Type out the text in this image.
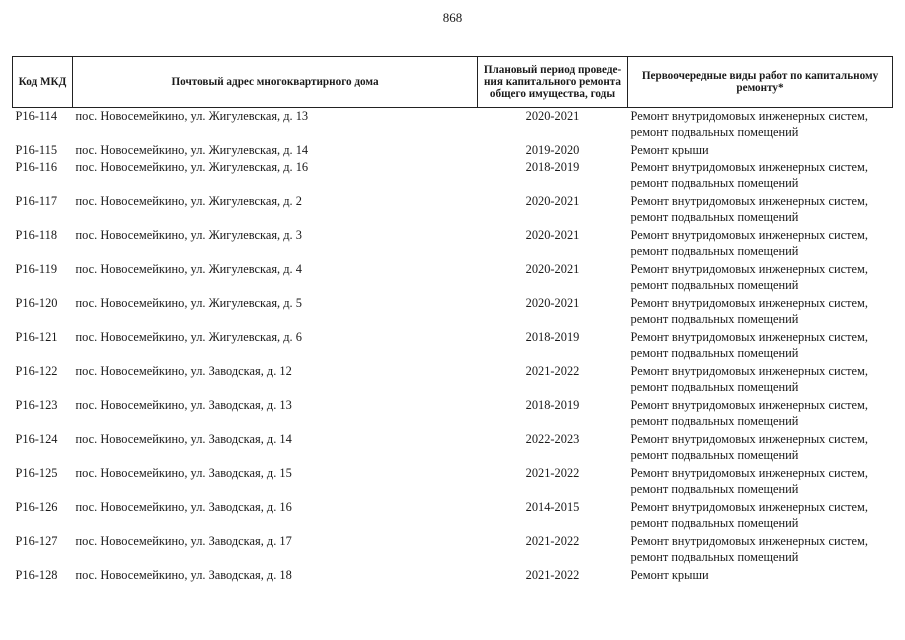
868
Код МКД	Почтовый адрес многоквартирного дома	Плановый период проведе-ния капитального ремонта общего имущества, годы	Первоочередные виды работ по капитальному ремонту*
Р16-114	пос. Новосемейкино, ул. Жигулевская, д. 13	2020-2021	Ремонт внутридомовых инженерных систем, ремонт подвальных помещений
Р16-115	пос. Новосемейкино, ул. Жигулевская, д. 14	2019-2020	Ремонт крыши
Р16-116	пос. Новосемейкино, ул. Жигулевская, д. 16	2018-2019	Ремонт внутридомовых инженерных систем, ремонт подвальных помещений
Р16-117	пос. Новосемейкино, ул. Жигулевская, д. 2	2020-2021	Ремонт внутридомовых инженерных систем, ремонт подвальных помещений
Р16-118	пос. Новосемейкино, ул. Жигулевская, д. 3	2020-2021	Ремонт внутридомовых инженерных систем, ремонт подвальных помещений
Р16-119	пос. Новосемейкино, ул. Жигулевская, д. 4	2020-2021	Ремонт внутридомовых инженерных систем, ремонт подвальных помещений
Р16-120	пос. Новосемейкино, ул. Жигулевская, д. 5	2020-2021	Ремонт внутридомовых инженерных систем, ремонт подвальных помещений
Р16-121	пос. Новосемейкино, ул. Жигулевская, д. 6	2018-2019	Ремонт внутридомовых инженерных систем, ремонт подвальных помещений
Р16-122	пос. Новосемейкино, ул. Заводская, д. 12	2021-2022	Ремонт внутридомовых инженерных систем, ремонт подвальных помещений
Р16-123	пос. Новосемейкино, ул. Заводская, д. 13	2018-2019	Ремонт внутридомовых инженерных систем, ремонт подвальных помещений
Р16-124	пос. Новосемейкино, ул. Заводская, д. 14	2022-2023	Ремонт внутридомовых инженерных систем, ремонт подвальных помещений
Р16-125	пос. Новосемейкино, ул. Заводская, д. 15	2021-2022	Ремонт внутридомовых инженерных систем, ремонт подвальных помещений
Р16-126	пос. Новосемейкино, ул. Заводская, д. 16	2014-2015	Ремонт внутридомовых инженерных систем, ремонт подвальных помещений
Р16-127	пос. Новосемейкино, ул. Заводская, д. 17	2021-2022	Ремонт внутридомовых инженерных систем, ремонт подвальных помещений
Р16-128	пос. Новосемейкино, ул. Заводская, д. 18	2021-2022	Ремонт крыши
